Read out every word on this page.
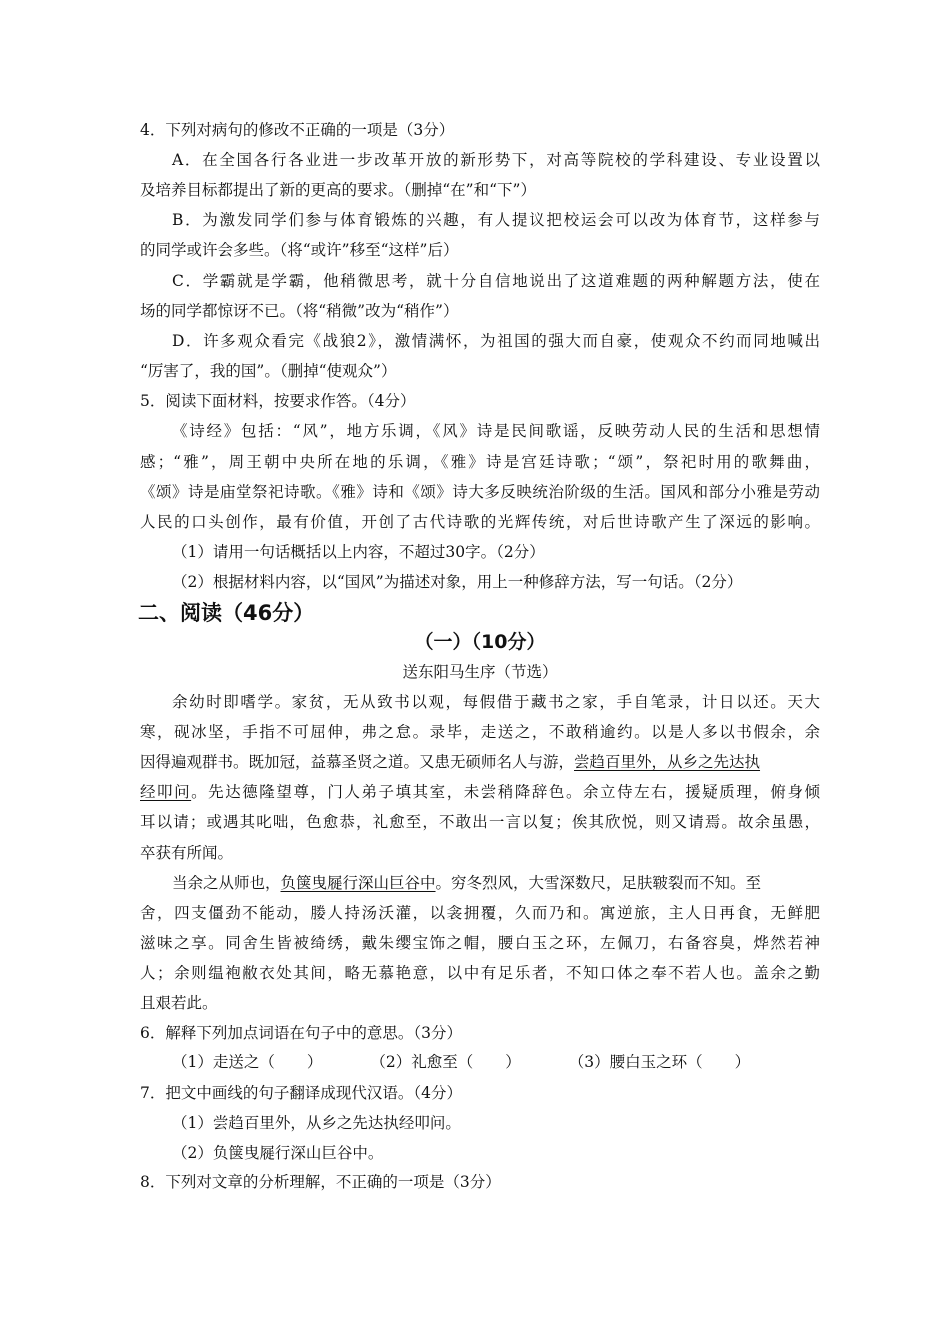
4．下列对病句的修改不正确的一项是（3分）
A．在全国各行各业进一步改革开放的新形势下，对高等院校的学科建设、专业设置以
及培养目标都提出了新的更高的要求。（删掉“在”和“下”）
B．为激发同学们参与体育锻炼的兴趣，有人提议把校运会可以改为体育节，这样参与
的同学或许会多些。（将“或许”移至“这样”后）
C．学霸就是学霸，他稍微思考，就十分自信地说出了这道难题的两种解题方法，使在
场的同学都惊讶不已。（将“稍微”改为“稍作”）
D．许多观众看完《战狼2》，激情满怀，为祖国的强大而自豪，使观众不约而同地喊出
“厉害了，我的国”。（删掉“使观众”）
5．阅读下面材料，按要求作答。（4分）
《诗经》包括：“风”，地方乐调，《风》诗是民间歌谣，反映劳动人民的生活和思想情
感；“雅”，周王朝中央所在地的乐调，《雅》诗是宫廷诗歌；“颂”，祭祀时用的歌舞曲，
《颂》诗是庙堂祭祀诗歌。《雅》诗和《颂》诗大多反映统治阶级的生活。国风和部分小雅是劳动
人民的口头创作，最有价值，开创了古代诗歌的光辉传统，对后世诗歌产生了深远的影响。
（1）请用一句话概括以上内容，不超过30字。（2分）
（2）根据材料内容，以“国风”为描述对象，用上一种修辞方法，写一句话。（2分）
二、阅读（46分）
（一）（10分）
送东阳马生序（节选）
余幼时即嗜学。家贫，无从致书以观，每假借于藏书之家，手自笔录，计日以还。天大
寒，砚冰坚，手指不可屈伸，弗之怠。录毕，走送之，不敢稍逾约。以是人多以书假余，余
因得遍观群书。既加冠，益慕圣贤之道。又患无硕师名人与游，尝趋百里外，从乡之先达执
经叩问。先达德隆望尊，门人弟子填其室，未尝稍降辞色。余立侍左右，援疑质理，俯身倾
耳以请；或遇其叱咄，色愈恭，礼愈至，不敢出一言以复；俟其欣悦，则又请焉。故余虽愚，
卒获有所闻。
当余之从师也，负箧曳屣行深山巨谷中。穷冬烈风，大雪深数尺，足肤皲裂而不知。至
舍，四支僵劲不能动，媵人持汤沃灌，以衾拥覆，久而乃和。寓逆旅，主人日再食，无鲜肥
滋味之享。同舍生皆被绮绣，戴朱缨宝饰之帽，腰白玉之环，左佩刀，右备容臭，烨然若神
人；余则缊袍敝衣处其间，略无慕艳意，以中有足乐者，不知口体之奉不若人也。盖余之勤
且艰若此。
6．解释下列加点词语在句子中的意思。（3分）
（1）走送之（ ）	（2）礼愈至（ ）	（3）腰白玉之环（ ）
7．把文中画线的句子翻译成现代汉语。（4分）
（1）尝趋百里外，从乡之先达执经叩问。
（2）负箧曳屣行深山巨谷中。
8．下列对文章的分析理解，不正确的一项是（3分）
